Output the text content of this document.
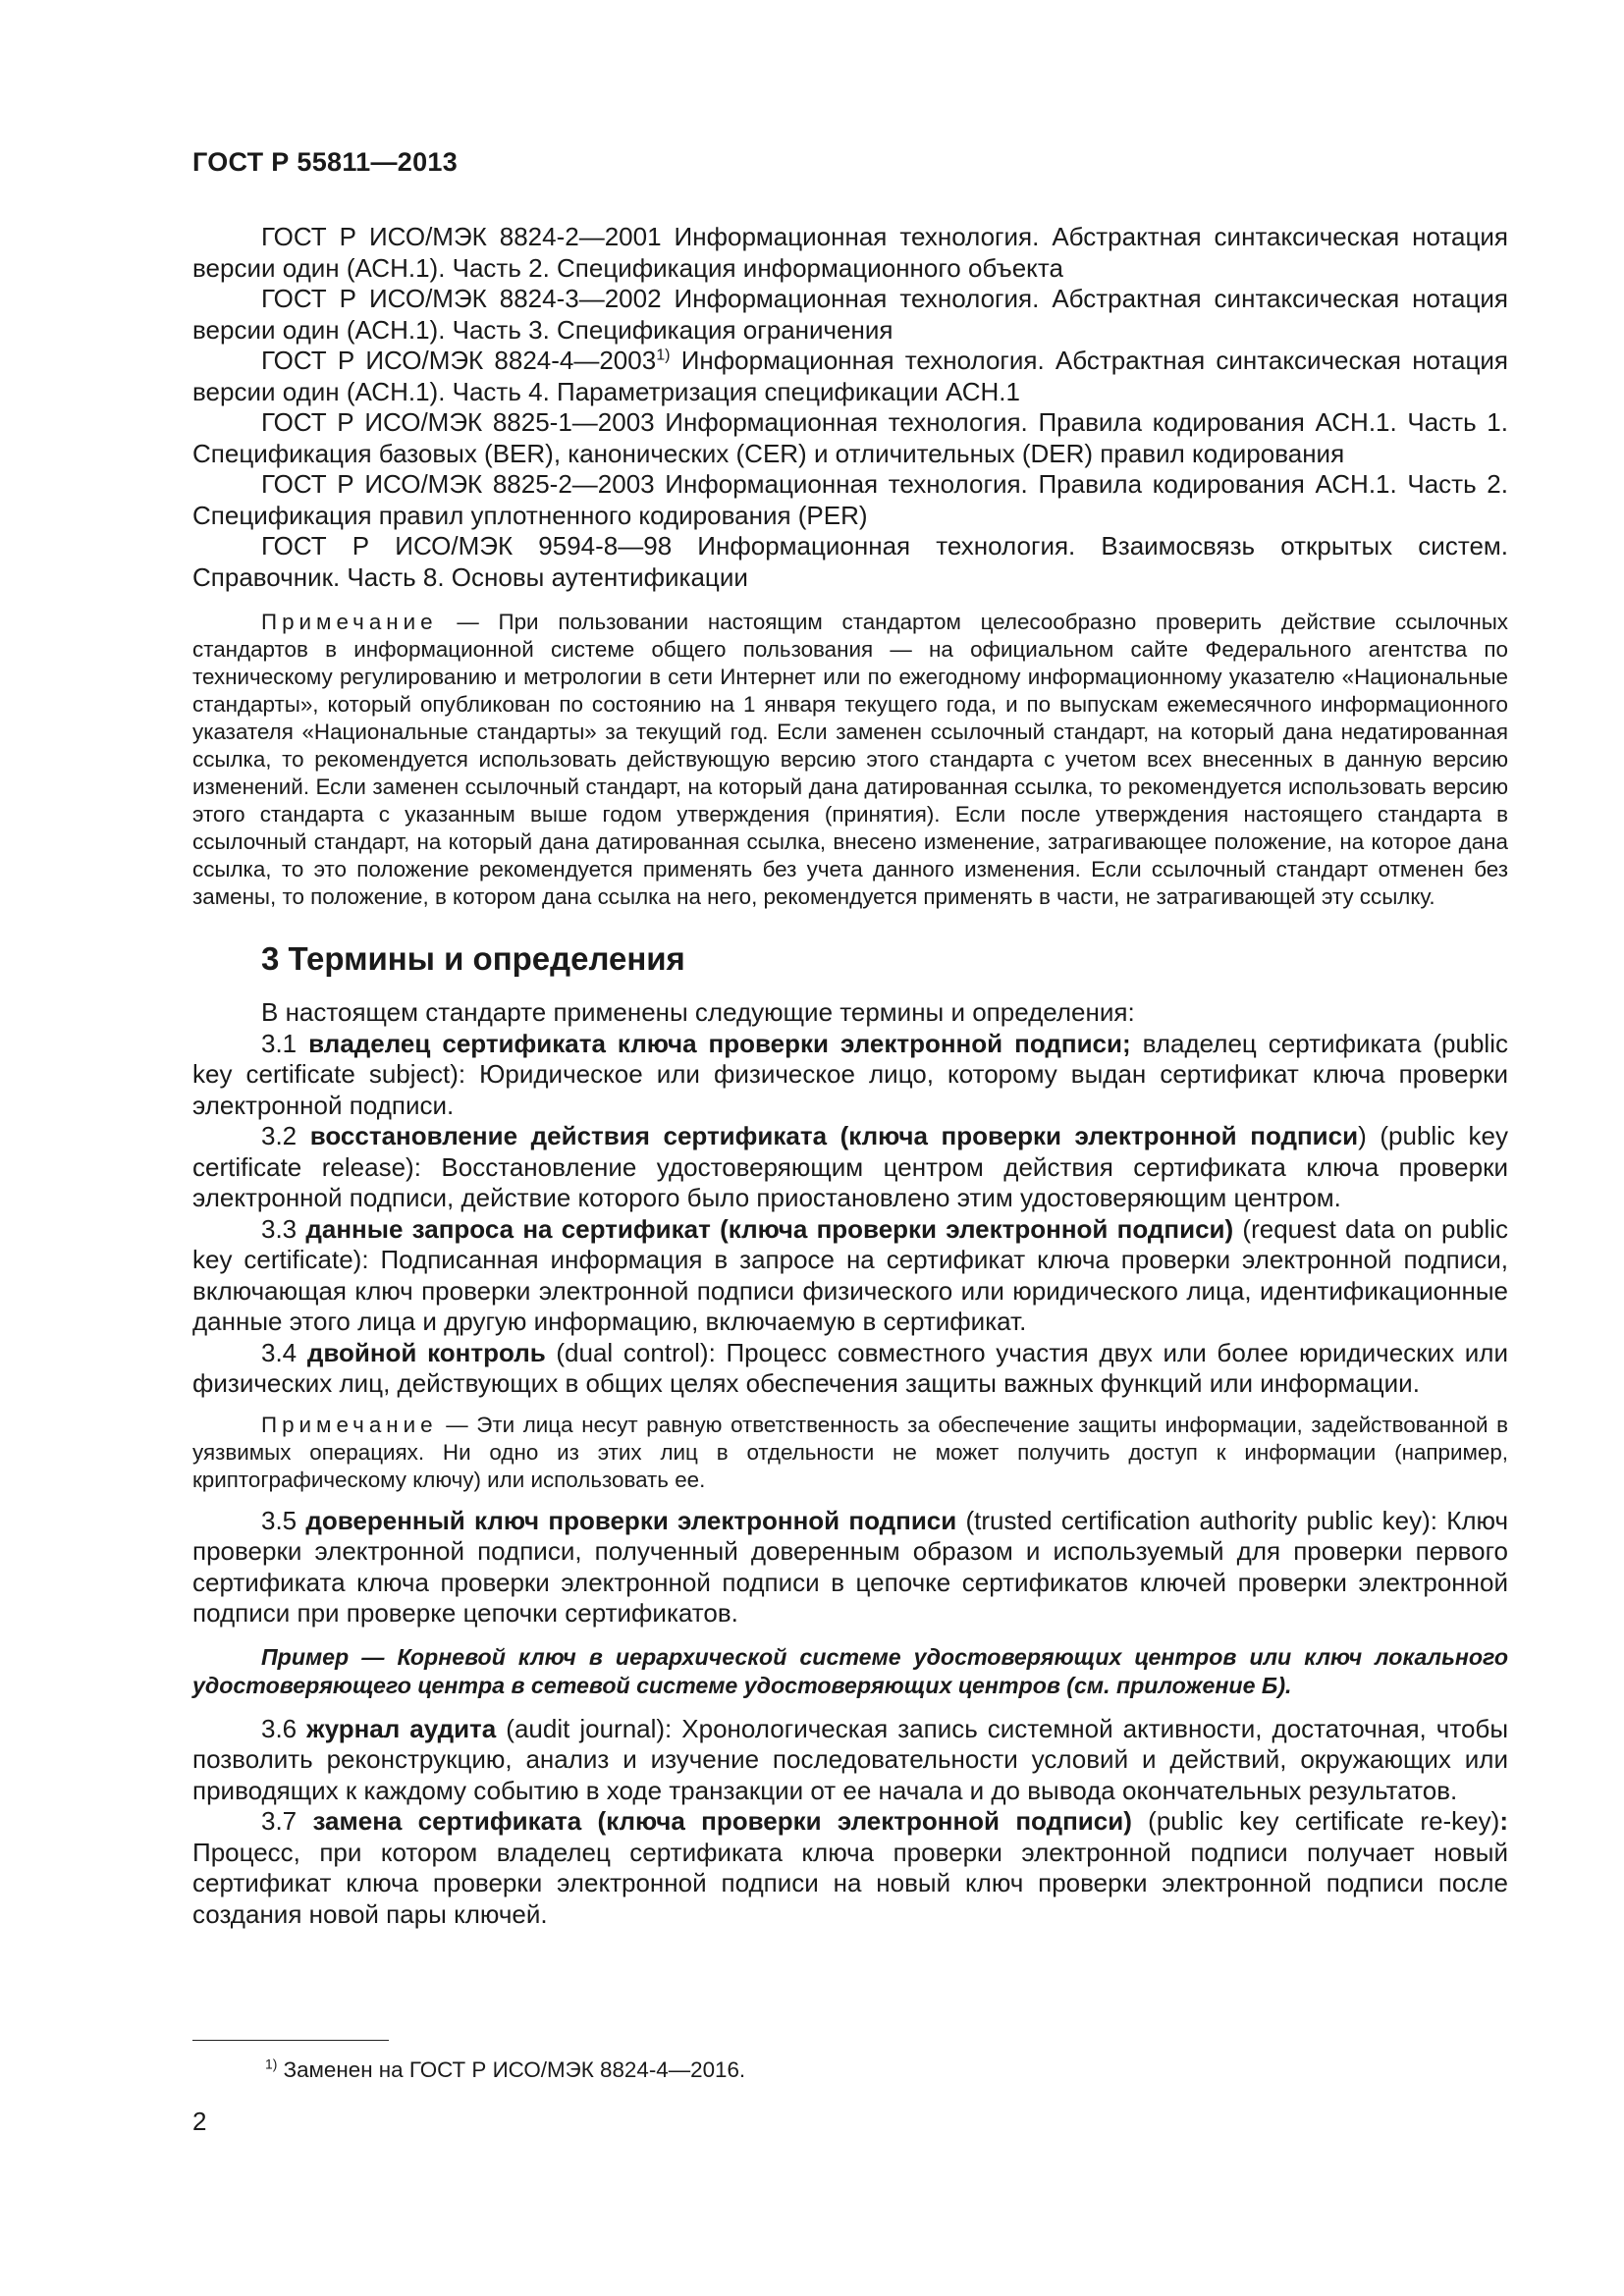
ГОСТ Р 55811—2013

ГОСТ Р ИСО/МЭК 8824-2—2001 Информационная технология. Абстрактная синтаксическая нотация версии один (АСН.1). Часть 2. Спецификация информационного объекта

ГОСТ Р ИСО/МЭК 8824-3—2002 Информационная технология. Абстрактная синтаксическая нотация версии один (АСН.1). Часть 3. Спецификация ограничения

ГОСТ Р ИСО/МЭК 8824-4—2003$^{1)}$ Информационная технология. Абстрактная синтаксическая нотация версии один (АСН.1). Часть 4. Параметризация спецификации АСН.1

ГОСТ Р ИСО/МЭК 8825-1—2003 Информационная технология. Правила кодирования АСН.1. Часть 1. Спецификация базовых (BER), канонических (CER) и отличительных (DER) правил кодирования

ГОСТ Р ИСО/МЭК 8825-2—2003 Информационная технология. Правила кодирования АСН.1. Часть 2. Спецификация правил уплотненного кодирования (PER)

ГОСТ Р ИСО/МЭК 9594-8—98 Информационная технология. Взаимосвязь открытых систем. Справочник. Часть 8. Основы аутентификации

Примечание — При пользовании настоящим стандартом целесообразно проверить действие ссылочных стандартов в информационной системе общего пользования — на официальном сайте Федерального агентства по техническому регулированию и метрологии в сети Интернет или по ежегодному информационному указателю «Национальные стандарты», который опубликован по состоянию на 1 января текущего года, и по выпускам ежемесячного информационного указателя «Национальные стандарты» за текущий год. Если заменен ссылочный стандарт, на который дана недатированная ссылка, то рекомендуется использовать действующую версию этого стандарта с учетом всех внесенных в данную версию изменений. Если заменен ссылочный стандарт, на который дана датированная ссылка, то рекомендуется использовать версию этого стандарта с указанным выше годом утверждения (принятия). Если после утверждения настоящего стандарта в ссылочный стандарт, на который дана датированная ссылка, внесено изменение, затрагивающее положение, на которое дана ссылка, то это положение рекомендуется применять без учета данного изменения. Если ссылочный стандарт отменен без замены, то положение, в котором дана ссылка на него, рекомендуется применять в части, не затрагивающей эту ссылку.

3 Термины и определения

В настоящем стандарте применены следующие термины и определения:

3.1 владелец сертификата ключа проверки электронной подписи; владелец сертификата (public key certificate subject): Юридическое или физическое лицо, которому выдан сертификат ключа проверки электронной подписи.

3.2 восстановление действия сертификата (ключа проверки электронной подписи) (public key certificate release): Восстановление удостоверяющим центром действия сертификата ключа проверки электронной подписи, действие которого было приостановлено этим удостоверяющим центром.

3.3 данные запроса на сертификат (ключа проверки электронной подписи) (request data on public key certificate): Подписанная информация в запросе на сертификат ключа проверки электронной подписи, включающая ключ проверки электронной подписи физического или юридического лица, идентификационные данные этого лица и другую информацию, включаемую в сертификат.

3.4 двойной контроль (dual control): Процесс совместного участия двух или более юридических или физических лиц, действующих в общих целях обеспечения защиты важных функций или информации.

Примечание — Эти лица несут равную ответственность за обеспечение защиты информации, задействованной в уязвимых операциях. Ни одно из этих лиц в отдельности не может получить доступ к информации (например, криптографическому ключу) или использовать ее.

3.5 доверенный ключ проверки электронной подписи (trusted certification authority public key): Ключ проверки электронной подписи, полученный доверенным образом и используемый для проверки первого сертификата ключа проверки электронной подписи в цепочке сертификатов ключей проверки электронной подписи при проверке цепочки сертификатов.

Пример — Корневой ключ в иерархической системе удостоверяющих центров или ключ локального удостоверяющего центра в сетевой системе удостоверяющих центров (см. приложение Б).

3.6 журнал аудита (audit journal): Хронологическая запись системной активности, достаточная, чтобы позволить реконструкцию, анализ и изучение последовательности условий и действий, окружающих или приводящих к каждому событию в ходе транзакции от ее начала и до вывода окончательных результатов.

3.7 замена сертификата (ключа проверки электронной подписи) (public key certificate re-key): Процесс, при котором владелец сертификата ключа проверки электронной подписи получает новый сертификат ключа проверки электронной подписи на новый ключ проверки электронной подписи после создания новой пары ключей.

$^{1)}$ Заменен на ГОСТ Р ИСО/МЭК 8824-4—2016.
2
